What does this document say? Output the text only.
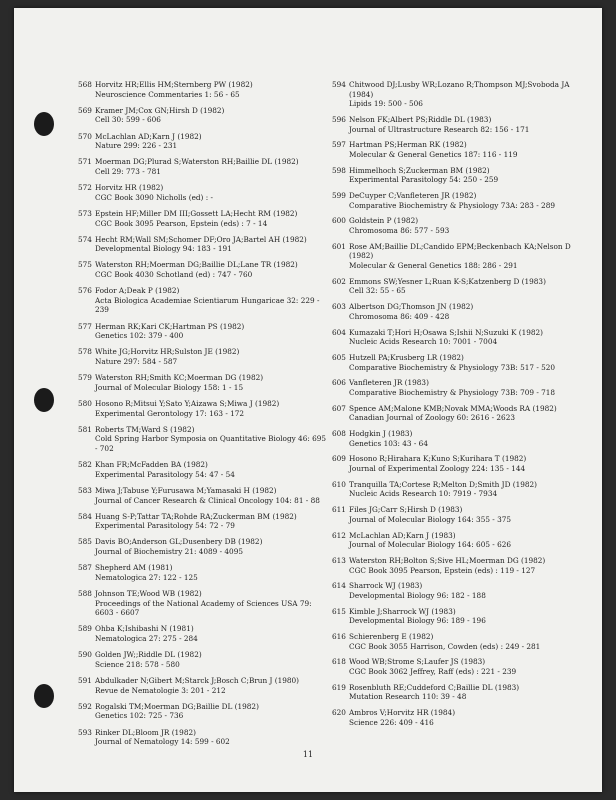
568 Horvitz HR;Ellis HM;Sternberg PW (1982)
Neuroscience Commentaries 1: 56 - 65
569 Kramer JM;Cox GN;Hirsh D (1982)
Cell 30: 599 - 606
570 McLachlan AD;Karn J (1982)
Nature 299: 226 - 231
571 Moerman DG;Plurad S;Waterston RH;Baillie DL (1982)
Cell 29: 773 - 781
572 Horvitz HR (1982)
CGC Book 3090 Nicholls (ed) : -
573 Epstein HF;Miller DM III;Gossett LA;Hecht RM (1982)
CGC Book 3095 Pearson, Epstein (eds) : 7 - 14
574 Hecht RM;Wall SM;Schomer DF;Oro JA;Bartel AH (1982)
Developmental Biology 94: 183 - 191
575 Waterston RH;Moerman DG;Baillie DL;Lane TR (1982)
CGC Book 4030 Schotland (ed) : 747 - 760
576 Fodor A;Deak P (1982)
Acta Biologica Academiae Scientiarum Hungaricae 32: 229 - 239
577 Herman RK;Kari CK;Hartman PS (1982)
Genetics 102: 379 - 400
578 White JG;Horvitz HR;Sulston JE (1982)
Nature 297: 584 - 587
579 Waterston RH;Smith KC;Moerman DG (1982)
Journal of Molecular Biology 158: 1 - 15
580 Hosono R;Mitsui Y;Sato Y;Aizawa S;Miwa J (1982)
Experimental Gerontology 17: 163 - 172
581 Roberts TM;Ward S (1982)
Cold Spring Harbor Symposia on Quantitative Biology 46: 695 - 702
582 Khan FR;McFadden BA (1982)
Experimental Parasitology 54: 47 - 54
583 Miwa J;Tabuse Y;Furusawa M;Yamasaki H (1982)
Journal of Cancer Research & Clinical Oncology 104: 81 - 88
584 Huang S-P;Tattar TA;Rohde RA;Zuckerman BM (1982)
Experimental Parasitology 54: 72 - 79
585 Davis BO;Anderson GL;Dusenbery DB (1982)
Journal of Biochemistry 21: 4089 - 4095
587 Shepherd AM (1981)
Nematologica 27: 122 - 125
588 Johnson TE;Wood WB (1982)
Proceedings of the National Academy of Sciences USA 79: 6603 - 6607
589 Ohba K;Ishibashi N (1981)
Nematologica 27: 275 - 284
590 Golden JW;;Riddle DL (1982)
Science 218: 578 - 580
591 Abdulkader N;Gibert M;Starck J;Bosch C;Brun J (1980)
Revue de Nematologie 3: 201 - 212
592 Rogalski TM;Moerman DG;Baillie DL (1982)
Genetics 102: 725 - 736
593 Rinker DL;Bloom JR (1982)
Journal of Nematology 14: 599 - 602
594 Chitwood DJ;Lusby WR;Lozano R;Thompson MJ;Svoboda JA (1984)
Lipids 19: 500 - 506
596 Nelson FK;Albert PS;Riddle DL (1983)
Journal of Ultrastructure Research 82: 156 - 171
597 Hartman PS;Herman RK (1982)
Molecular & General Genetics 187: 116 - 119
598 Himmelhoch S;Zuckerman BM (1982)
Experimental Parasitology 54: 250 - 259
599 DeCuyper C;Vanfleteren JR (1982)
Comparative Biochemistry & Physiology 73A: 283 - 289
600 Goldstein P (1982)
Chromosoma 86: 577 - 593
601 Rose AM;Baillie DL;Candido EPM;Beckenbach KA;Nelson D (1982)
Molecular & General Genetics 188: 286 - 291
602 Emmons SW;Yesner L;Ruan K-S;Katzenberg D (1983)
Cell 32: 55 - 65
603 Albertson DG;Thomson JN (1982)
Chromosoma 86: 409 - 428
604 Kumazaki T;Hori H;Osawa S;Ishii N;Suzuki K (1982)
Nucleic Acids Research 10: 7001 - 7004
605 Hutzell PA;Krusberg LR (1982)
Comparative Biochemistry & Physiology 73B: 517 - 520
606 Vanfleteren JR (1983)
Comparative Biochemistry & Physiology 73B: 709 - 718
607 Spence AM;Malone KMB;Novak MMA;Woods RA (1982)
Canadian Journal of Zoology 60: 2616 - 2623
608 Hodgkin J (1983)
Genetics 103: 43 - 64
609 Hosono R;Hirahara K;Kuno S;Kurihara T (1982)
Journal of Experimental Zoology 224: 135 - 144
610 Tranquilla TA;Cortese R;Melton D;Smith JD (1982)
Nucleic Acids Research 10: 7919 - 7934
611 Files JG;Carr S;Hirsh D (1983)
Journal of Molecular Biology 164: 355 - 375
612 McLachlan AD;Karn J (1983)
Journal of Molecular Biology 164: 605 - 626
613 Waterston RH;Bolton S;Sive HL;Moerman DG (1982)
CGC Book 3095 Pearson, Epstein (eds) : 119 - 127
614 Sharrock WJ (1983)
Developmental Biology 96: 182 - 188
615 Kimble J;Sharrock WJ (1983)
Developmental Biology 96: 189 - 196
616 Schierenberg E (1982)
CGC Book 3055 Harrison, Cowden (eds) : 249 - 281
618 Wood WB;Strome S;Laufer JS (1983)
CGC Book 3062 Jeffrey, Raff (eds) : 221 - 239
619 Rosenbluth RE;Cuddeford C;Baillie DL (1983)
Mutation Research 110: 39 - 48
620 Ambros V;Horvitz HR (1984)
Science 226: 409 - 416
11
